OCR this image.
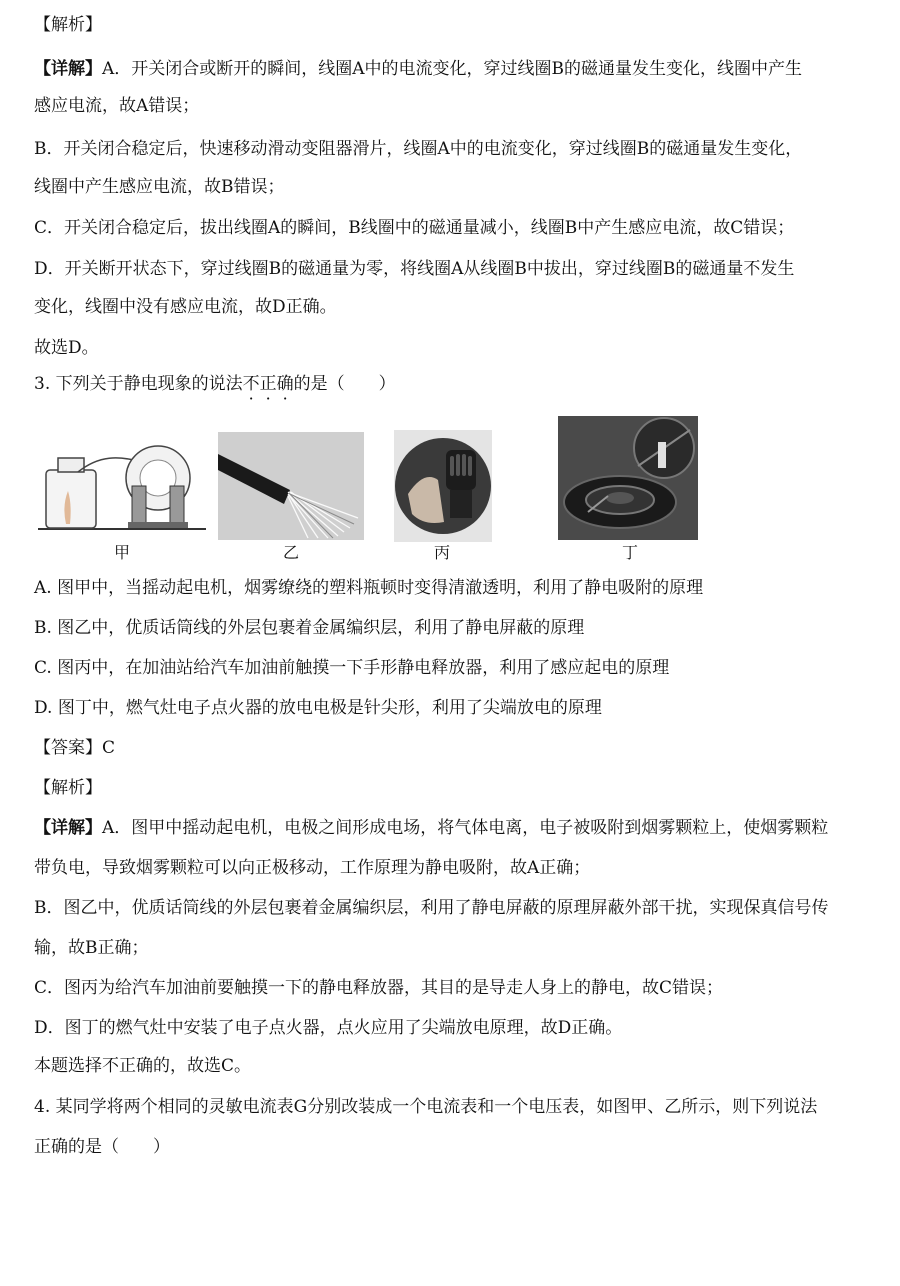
【解析】
【详解】A．开关闭合或断开的瞬间，线圈A中的电流变化，穿过线圈B的磁通量发生变化，线圈中产生
感应电流，故A错误；
B．开关闭合稳定后，快速移动滑动变阻器滑片，线圈A中的电流变化，穿过线圈B的磁通量发生变化，
线圈中产生感应电流，故B错误；
C．开关闭合稳定后，拔出线圈A的瞬间，B线圈中的磁通量减小，线圈B中产生感应电流，故C错误；
D．开关断开状态下，穿过线圈B的磁通量为零，将线圈A从线圈B中拔出，穿过线圈B的磁通量不发生
变化，线圈中没有感应电流，故D正确。
故选D。
3. 下列关于静电现象的说法不正确的是（　　）
甲	乙	丙	丁
A. 图甲中，当摇动起电机，烟雾缭绕的塑料瓶顿时变得清澈透明，利用了静电吸附的原理
B. 图乙中，优质话筒线的外层包裹着金属编织层，利用了静电屏蔽的原理
C. 图丙中，在加油站给汽车加油前触摸一下手形静电释放器，利用了感应起电的原理
D. 图丁中，燃气灶电子点火器的放电电极是针尖形，利用了尖端放电的原理
【答案】C
【解析】
【详解】A．图甲中摇动起电机，电极之间形成电场，将气体电离，电子被吸附到烟雾颗粒上，使烟雾颗粒
带负电，导致烟雾颗粒可以向正极移动，工作原理为静电吸附，故A正确；
B．图乙中，优质话筒线的外层包裹着金属编织层，利用了静电屏蔽的原理屏蔽外部干扰，实现保真信号传
输，故B正确；
C．图丙为给汽车加油前要触摸一下的静电释放器，其目的是导走人身上的静电，故C错误；
D．图丁的燃气灶中安装了电子点火器，点火应用了尖端放电原理，故D正确。
本题选择不正确的，故选C。
4. 某同学将两个相同的灵敏电流表G分别改装成一个电流表和一个电压表，如图甲、乙所示，则下列说法
正确的是（　　）
